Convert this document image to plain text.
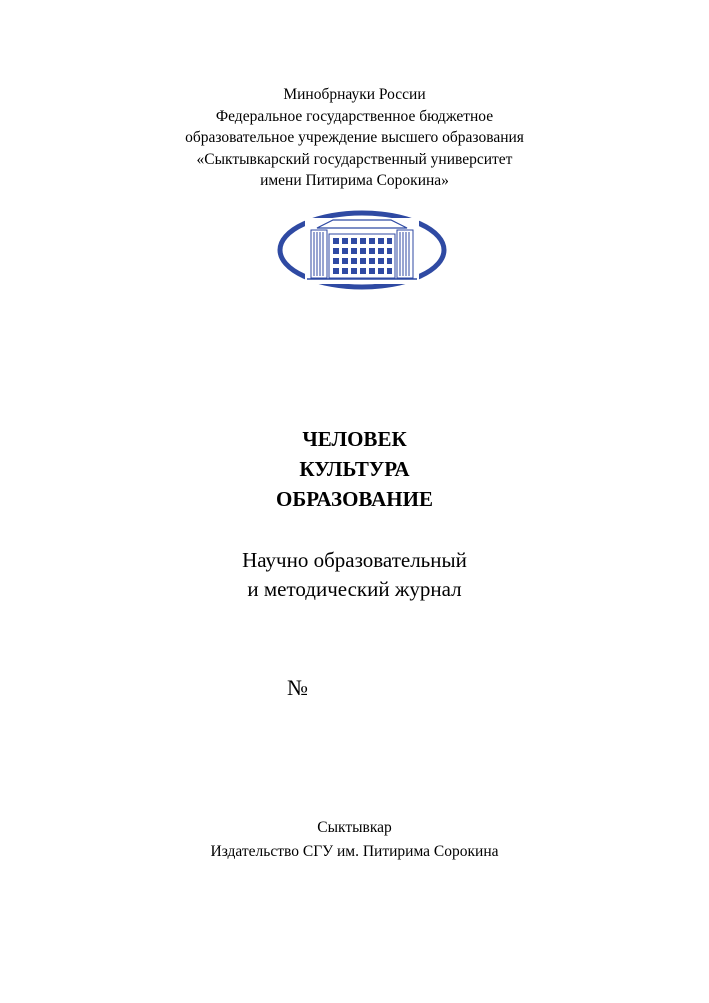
Минобрнауки России
Федеральное государственное бюджетное
образовательное учреждение высшего образования
«Сыктывкарский государственный университет
имени Питирима Сорокина»
ЧЕЛОВЕК
КУЛЬТУРА
ОБРАЗОВАНИЕ
Научно образовательный
и методический журнал
№
Сыктывкар
Издательство СГУ им. Питирима Сорокина
